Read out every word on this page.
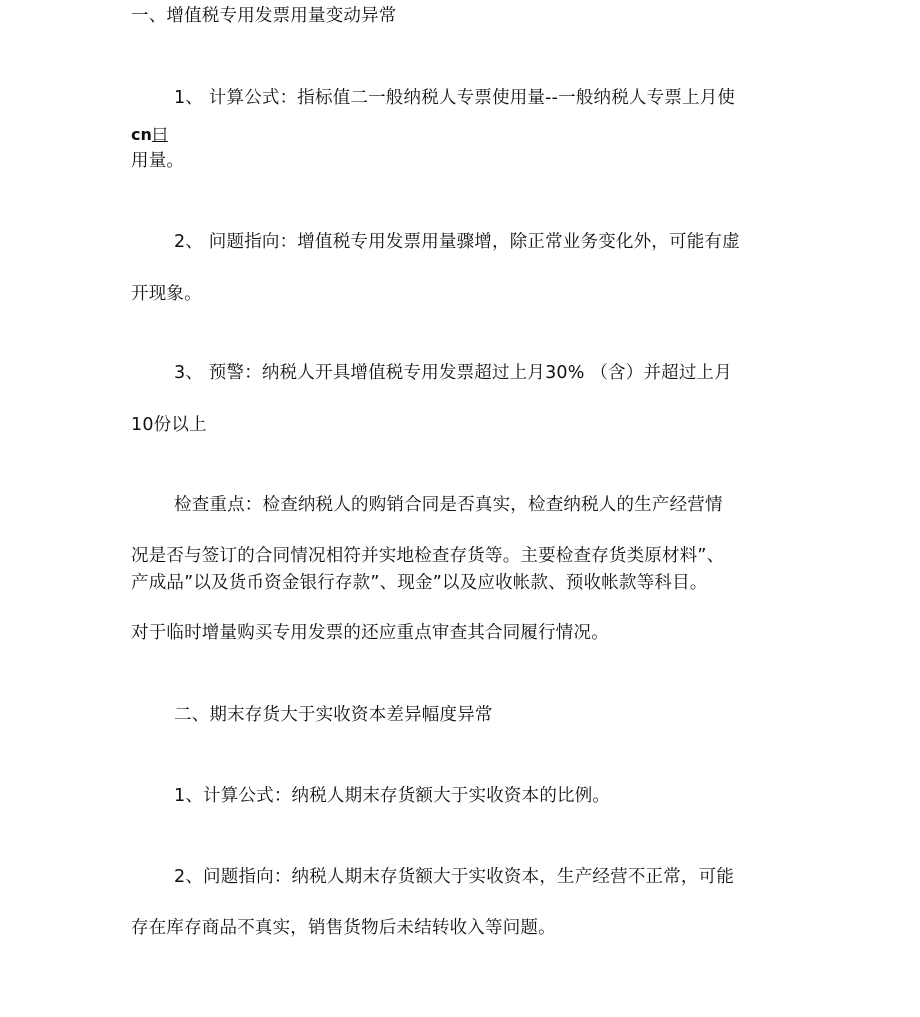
一、增值税专用发票用量变动异常
1、 计算公式：指标值二一般纳税人专票使用量--一般纳税人专票上月使
cn曰
用量。
2、 问题指向：增值税专用发票用量骤增，除正常业务变化外，可能有虚
开现象。
3、 预警：纳税人开具增值税专用发票超过上月30% （含）并超过上月
10份以上
检查重点：检查纳税人的购销合同是否真实，检查纳税人的生产经营情
况是否与签订的合同情况相符并实地检查存货等。主要检查存货类原材料”、
产成品”以及货币资金银行存款”、现金”以及应收帐款、预收帐款等科目。
对于临时增量购买专用发票的还应重点审查其合同履行情况。
二、期末存货大于实收资本差异幅度异常
1、计算公式：纳税人期末存货额大于实收资本的比例。
2、问题指向：纳税人期末存货额大于实收资本，生产经营不正常，可能
存在库存商品不真实，销售货物后未结转收入等问题。
